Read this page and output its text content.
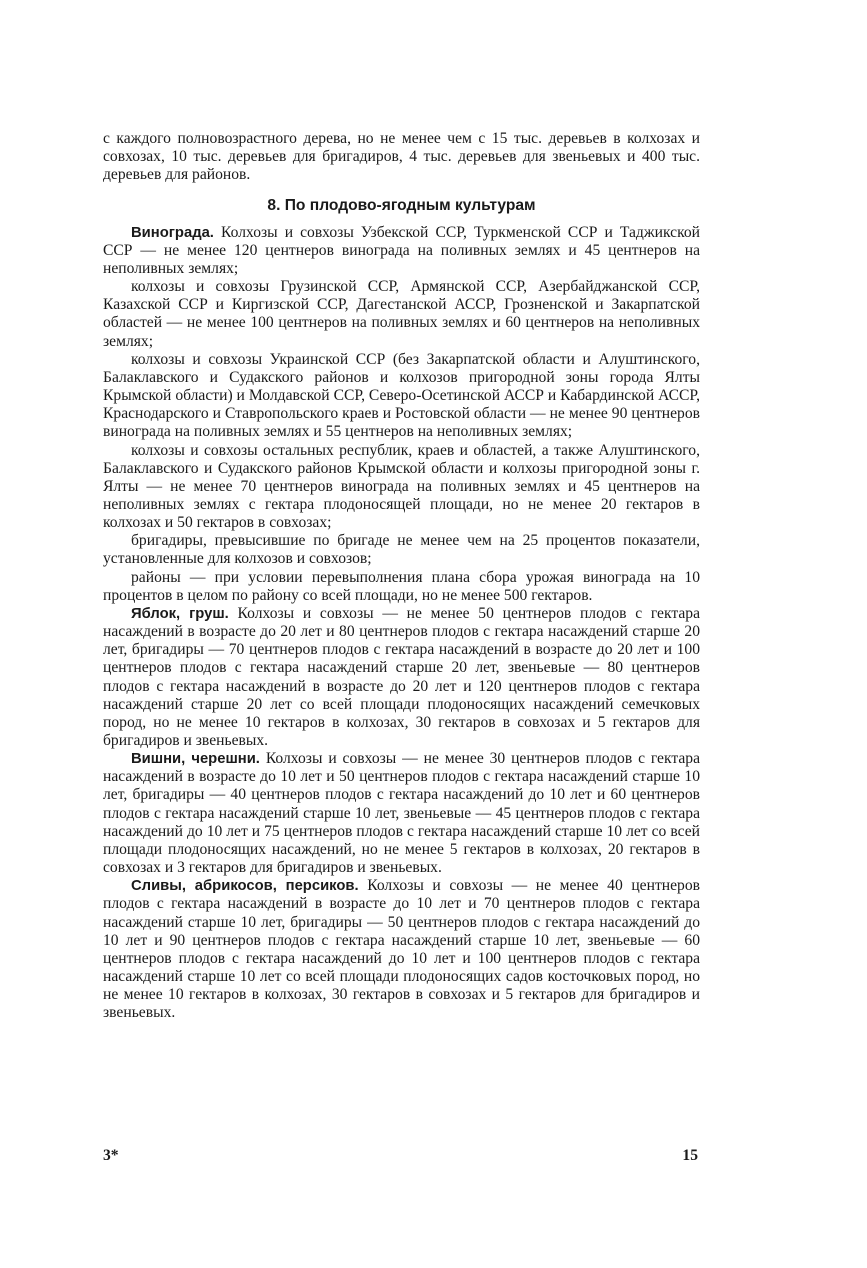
с каждого полновозрастного дерева, но не менее чем с 15 тыс. деревьев в колхозах и совхозах, 10 тыс. деревьев для бригадиров, 4 тыс. деревьев для звеньевых и 400 тыс. деревьев для районов.

8. По плодово-ягодным культурам

Винограда. Колхозы и совхозы Узбекской ССР, Туркменской ССР и Таджикской ССР — не менее 120 центнеров винограда на поливных землях и 45 центнеров на неполивных землях;

колхозы и совхозы Грузинской ССР, Армянской ССР, Азербайджанской ССР, Казахской ССР и Киргизской ССР, Дагестанской АССР, Грозненской и Закарпатской областей — не менее 100 центнеров на поливных землях и 60 центнеров на неполивных землях;

колхозы и совхозы Украинской ССР (без Закарпатской области и Алуштинского, Балаклавского и Судакского районов и колхозов пригородной зоны города Ялты Крымской области) и Молдавской ССР, Северо-Осетинской АССР и Кабардинской АССР, Краснодарского и Ставропольского краев и Ростовской области — не менее 90 центнеров винограда на поливных землях и 55 центнеров на неполивных землях;

колхозы и совхозы остальных республик, краев и областей, а также Алуштинского, Балаклавского и Судакского районов Крымской области и колхозы пригородной зоны г. Ялты — не менее 70 центнеров винограда на поливных землях и 45 центнеров на неполивных землях с гектара плодоносящей площади, но не менее 20 гектаров в колхозах и 50 гектаров в совхозах;

бригадиры, превысившие по бригаде не менее чем на 25 процентов показатели, установленные для колхозов и совхозов;

районы — при условии перевыполнения плана сбора урожая винограда на 10 процентов в целом по району со всей площади, но не менее 500 гектаров.

Яблок, груш. Колхозы и совхозы — не менее 50 центнеров плодов с гектара насаждений в возрасте до 20 лет и 80 центнеров плодов с гектара насаждений старше 20 лет, бригадиры — 70 центнеров плодов с гектара насаждений в возрасте до 20 лет и 100 центнеров плодов с гектара насаждений старше 20 лет, звеньевые — 80 центнеров плодов с гектара насаждений в возрасте до 20 лет и 120 центнеров плодов с гектара насаждений старше 20 лет со всей площади плодоносящих насаждений семечковых пород, но не менее 10 гектаров в колхозах, 30 гектаров в совхозах и 5 гектаров для бригадиров и звеньевых.

Вишни, черешни. Колхозы и совхозы — не менее 30 центнеров плодов с гектара насаждений в возрасте до 10 лет и 50 центнеров плодов с гектара насаждений старше 10 лет, бригадиры — 40 центнеров плодов с гектара насаждений до 10 лет и 60 центнеров плодов с гектара насаждений старше 10 лет, звеньевые — 45 центнеров плодов с гектара насаждений до 10 лет и 75 центнеров плодов с гектара насаждений старше 10 лет со всей площади плодоносящих насаждений, но не менее 5 гектаров в колхозах, 20 гектаров в совхозах и 3 гектаров для бригадиров и звеньевых.

Сливы, абрикосов, персиков. Колхозы и совхозы — не менее 40 центнеров плодов с гектара насаждений в возрасте до 10 лет и 70 центнеров плодов с гектара насаждений старше 10 лет, бригадиры — 50 центнеров плодов с гектара насаждений до 10 лет и 90 центнеров плодов с гектара насаждений старше 10 лет, звеньевые — 60 центнеров плодов с гектара насаждений до 10 лет и 100 центнеров плодов с гектара насаждений старше 10 лет со всей площади плодоносящих садов косточковых пород, но не менее 10 гектаров в колхозах, 30 гектаров в совхозах и 5 гектаров для бригадиров и звеньевых.

3*	15
